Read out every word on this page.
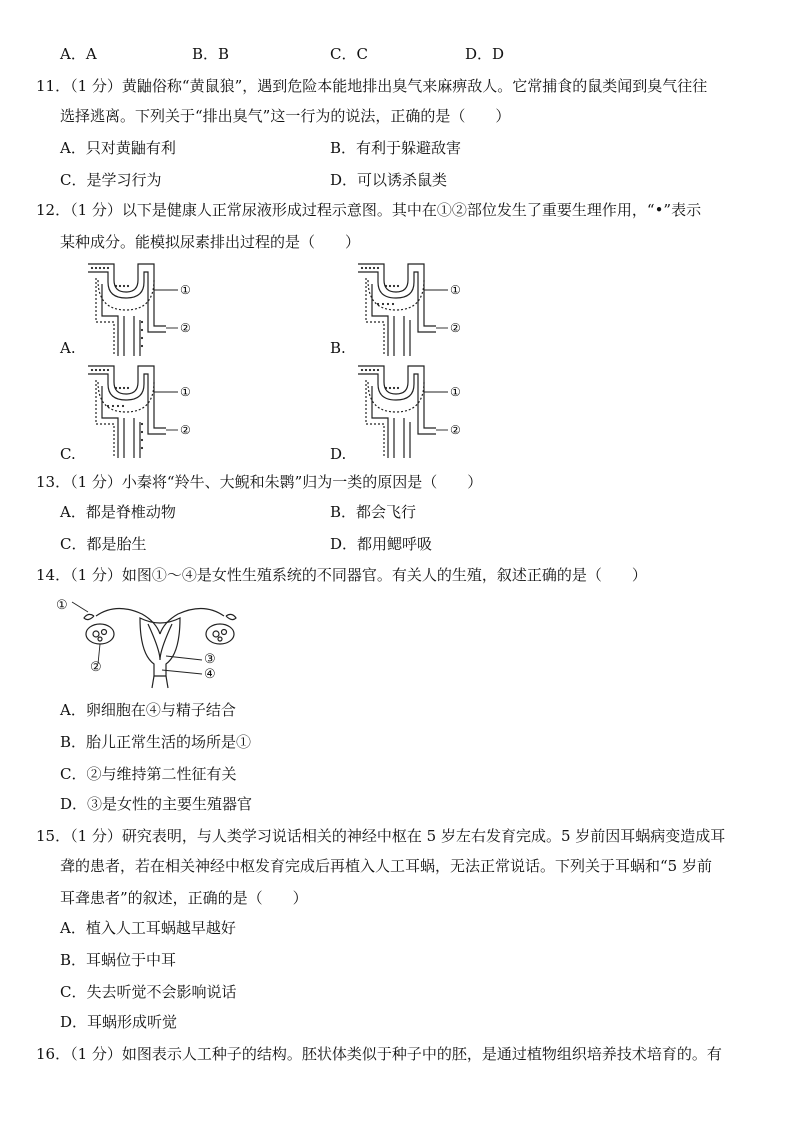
A．A	B．B	C．C	D．D
11．（1 分）黄鼬俗称“黄鼠狼”，遇到危险本能地排出臭气来麻痹敌人。它常捕食的鼠类闻到臭气往往
选择逃离。下列关于“排出臭气”这一行为的说法，正确的是（　　）
A．只对黄鼬有利	B．有利于躲避敌害
C．是学习行为	D．可以诱杀鼠类
12．（1 分）以下是健康人正常尿液形成过程示意图。其中在①②部位发生了重要生理作用，“•”表示
某种成分。能模拟尿素排出过程的是（　　）
①
②
A.
①
②
B.
①
②
C.
①
②
D.
13．（1 分）小秦将“羚牛、大鲵和朱鹮”归为一类的原因是（　　）
A．都是脊椎动物	B．都会飞行
C．都是胎生	D．都用鳃呼吸
14．（1 分）如图①～④是女性生殖系统的不同器官。有关人的生殖，叙述正确的是（　　）
①
②
③
④
A．卵细胞在④与精子结合
B．胎儿正常生活的场所是①
C．②与维持第二性征有关
D．③是女性的主要生殖器官
15．（1 分）研究表明，与人类学习说话相关的神经中枢在 5 岁左右发育完成。5 岁前因耳蜗病变造成耳
聋的患者，若在相关神经中枢发育完成后再植入人工耳蜗，无法正常说话。下列关于耳蜗和“5 岁前
耳聋患者”的叙述，正确的是（　　）
A．植入人工耳蜗越早越好
B．耳蜗位于中耳
C．失去听觉不会影响说话
D．耳蜗形成听觉
16．（1 分）如图表示人工种子的结构。胚状体类似于种子中的胚，是通过植物组织培养技术培育的。有
